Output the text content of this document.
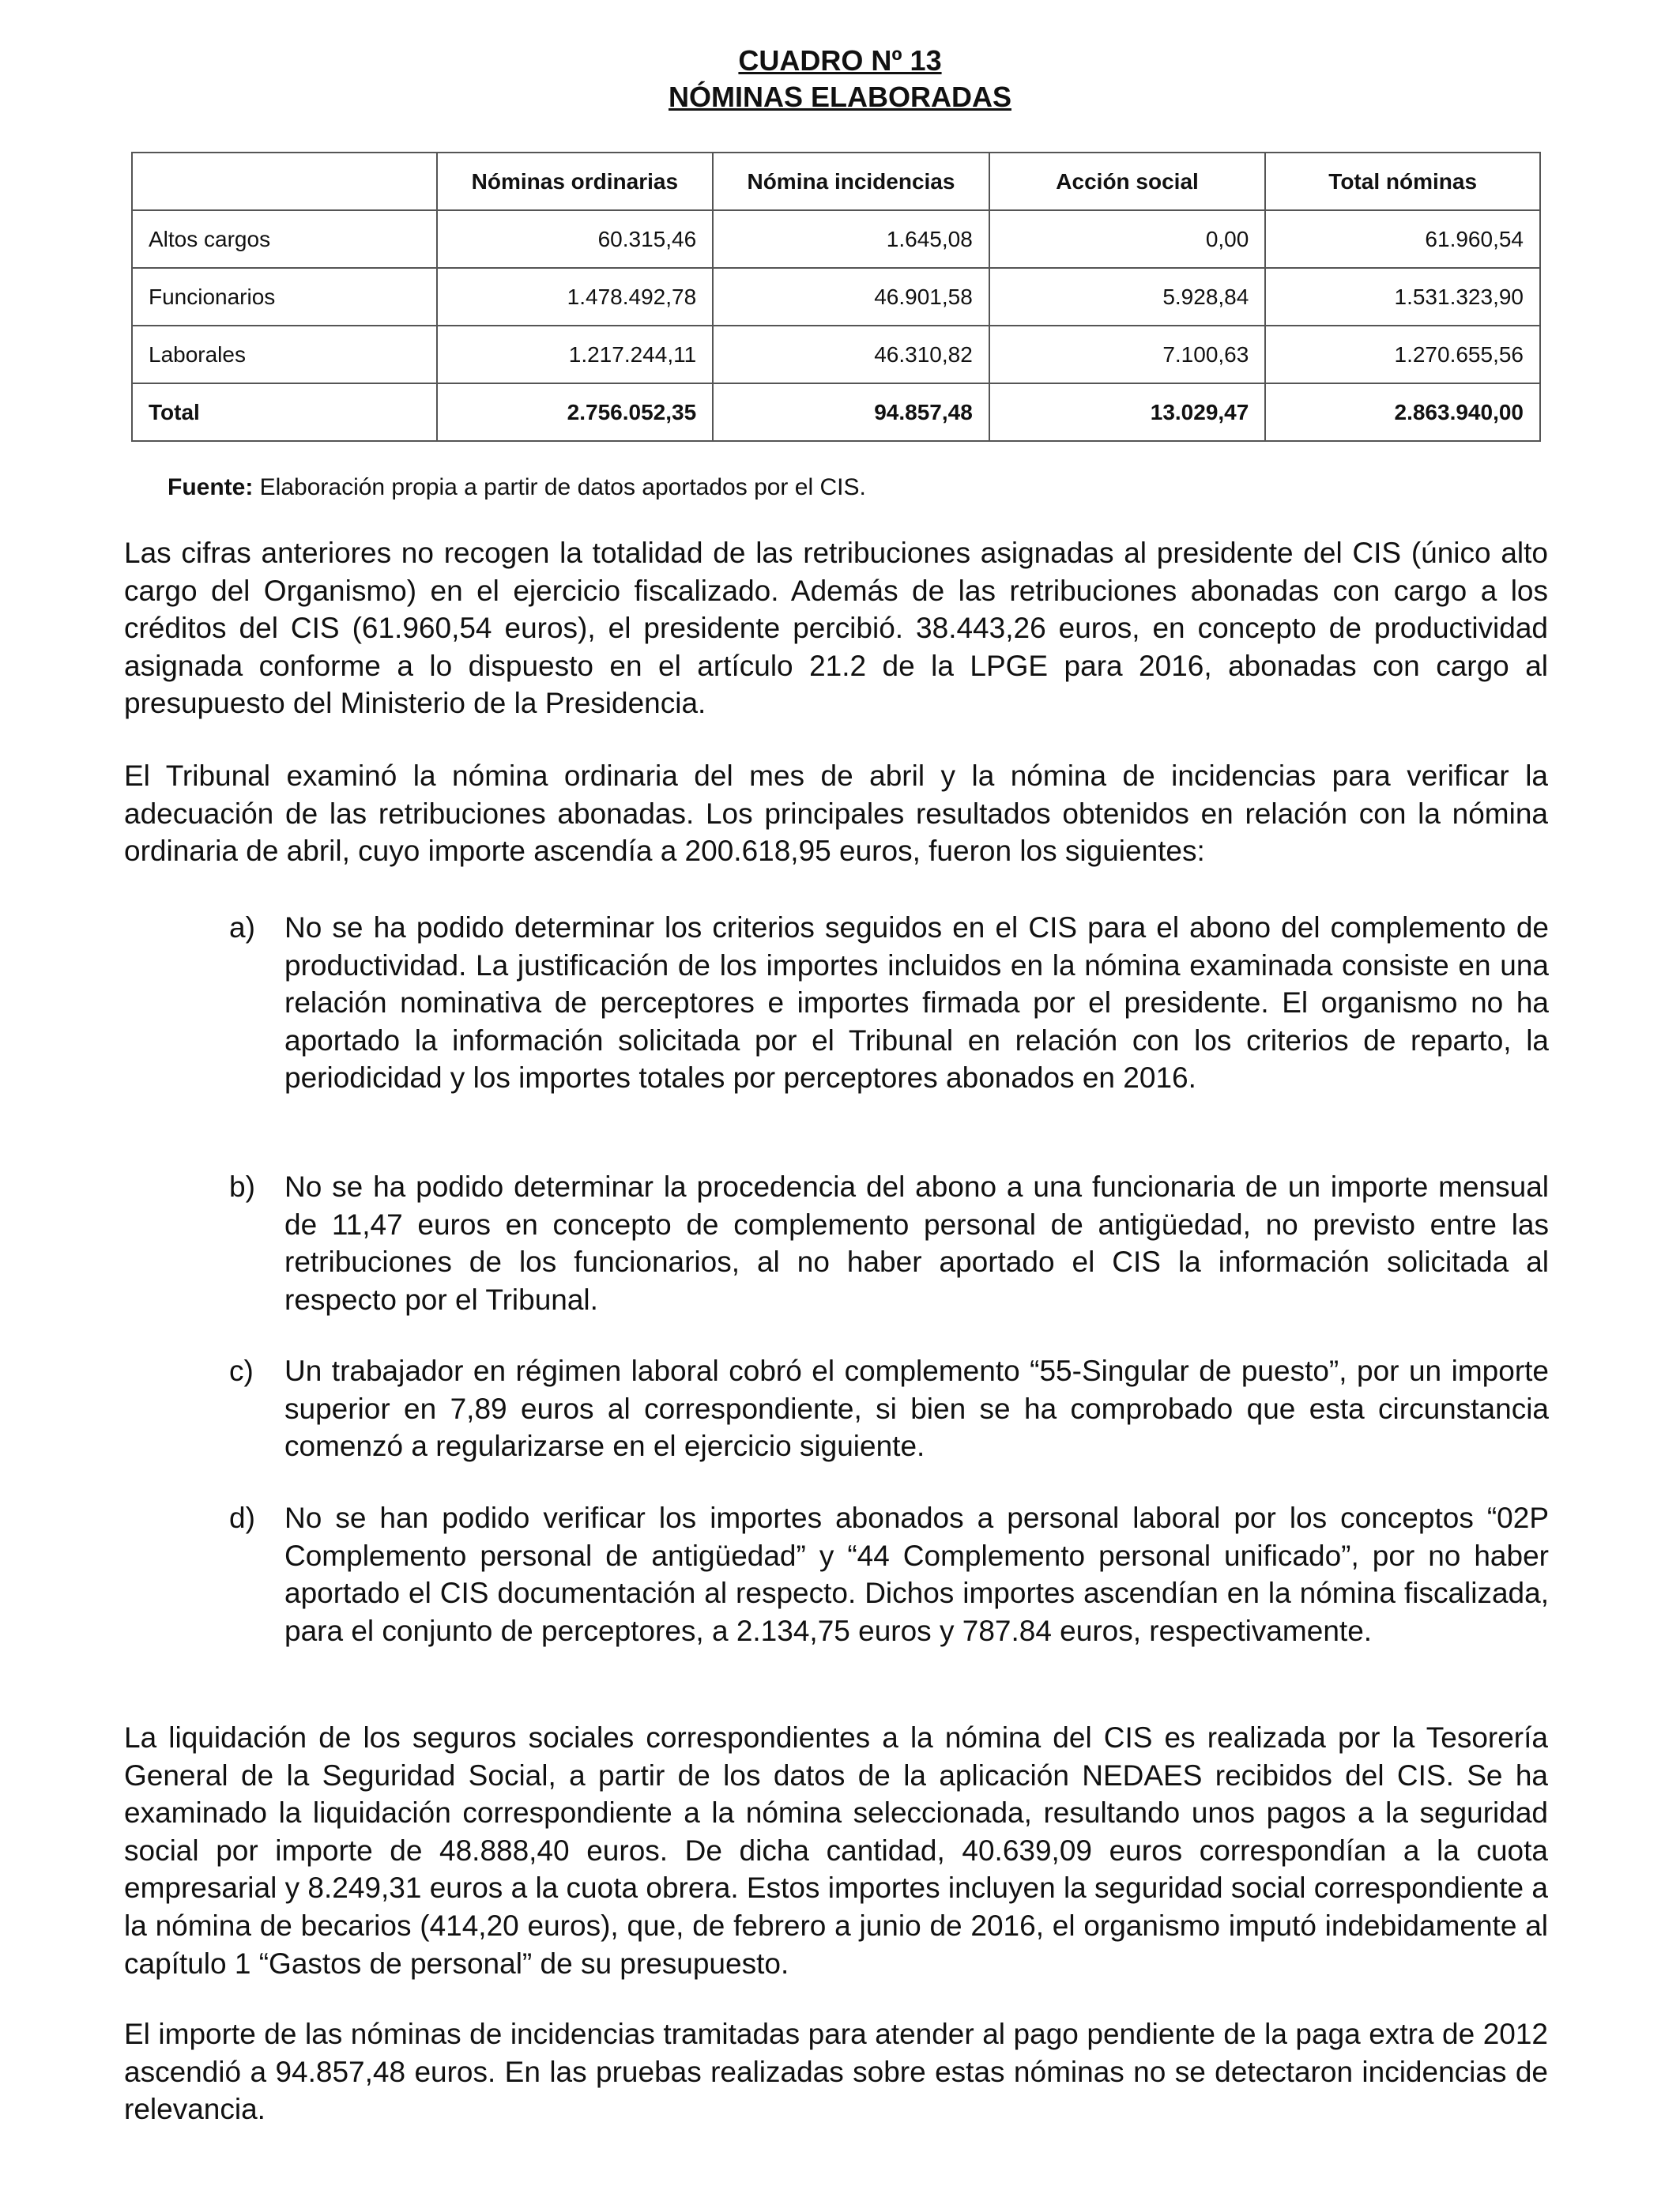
CUADRO Nº 13
NÓMINAS ELABORADAS
	Nóminas ordinarias	Nómina incidencias	Acción social	Total nóminas
Altos cargos	60.315,46	1.645,08	0,00	61.960,54
Funcionarios	1.478.492,78	46.901,58	5.928,84	1.531.323,90
Laborales	1.217.244,11	46.310,82	7.100,63	1.270.655,56
Total	2.756.052,35	94.857,48	13.029,47	2.863.940,00
Fuente: Elaboración propia a partir de datos aportados por el CIS.

Las cifras anteriores no recogen la totalidad de las retribuciones asignadas al presidente del CIS (único alto cargo del Organismo) en el ejercicio fiscalizado. Además de las retribuciones abonadas con cargo a los créditos del CIS (61.960,54 euros), el presidente percibió. 38.443,26 euros, en concepto de productividad asignada conforme a lo dispuesto en el artículo 21.2 de la LPGE para 2016, abonadas con cargo al presupuesto del Ministerio de la Presidencia.

El Tribunal examinó la nómina ordinaria del mes de abril y la nómina de incidencias para verificar la adecuación de las retribuciones abonadas. Los principales resultados obtenidos en relación con la nómina ordinaria de abril, cuyo importe ascendía a 200.618,95 euros, fueron los siguientes:

a) No se ha podido determinar los criterios seguidos en el CIS para el abono del complemento de productividad. La justificación de los importes incluidos en la nómina examinada consiste en una relación nominativa de perceptores e importes firmada por el presidente. El organismo no ha aportado la información solicitada por el Tribunal en relación con los criterios de reparto, la periodicidad y los importes totales por perceptores abonados en 2016.

b) No se ha podido determinar la procedencia del abono a una funcionaria de un importe mensual de 11,47 euros en concepto de complemento personal de antigüedad, no previsto entre las retribuciones de los funcionarios, al no haber aportado el CIS la información solicitada al respecto por el Tribunal.

c) Un trabajador en régimen laboral cobró el complemento “55-Singular de puesto”, por un importe superior en 7,89 euros al correspondiente, si bien se ha comprobado que esta circunstancia comenzó a regularizarse en el ejercicio siguiente.

d) No se han podido verificar los importes abonados a personal laboral por los conceptos “02P Complemento personal de antigüedad” y “44 Complemento personal unificado”, por no haber aportado el CIS documentación al respecto. Dichos importes ascendían en la nómina fiscalizada, para el conjunto de perceptores, a 2.134,75 euros y 787.84 euros, respectivamente.

La liquidación de los seguros sociales correspondientes a la nómina del CIS es realizada por la Tesorería General de la Seguridad Social, a partir de los datos de la aplicación NEDAES recibidos del CIS. Se ha examinado la liquidación correspondiente a la nómina seleccionada, resultando unos pagos a la seguridad social por importe de 48.888,40 euros. De dicha cantidad, 40.639,09 euros correspondían a la cuota empresarial y 8.249,31 euros a la cuota obrera. Estos importes incluyen la seguridad social correspondiente a la nómina de becarios (414,20 euros), que, de febrero a junio de 2016, el organismo imputó indebidamente al capítulo 1 “Gastos de personal” de su presupuesto.

El importe de las nóminas de incidencias tramitadas para atender al pago pendiente de la paga extra de 2012 ascendió a 94.857,48 euros. En las pruebas realizadas sobre estas nóminas no se detectaron incidencias de relevancia.
